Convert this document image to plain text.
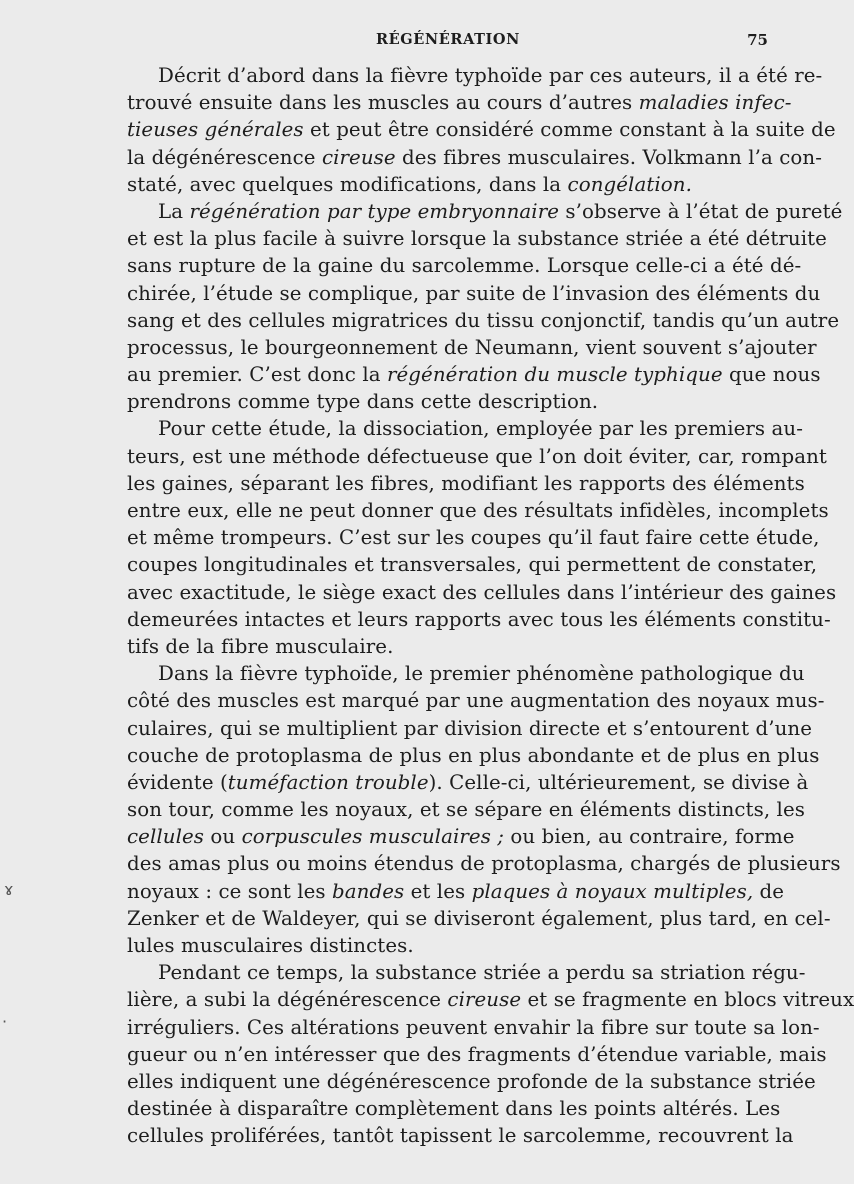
RÉGÉNÉRATION	75
Décrit d’abord dans la fièvre typhoïde par ces auteurs, il a été re-
trouvé ensuite dans les muscles au cours d’autres maladies infec-
tieuses générales et peut être considéré comme constant à la suite de
la dégénérescence cireuse des fibres musculaires. Volkmann l’a con-
staté, avec quelques modifications, dans la congélation.
La régénération par type embryonnaire s’observe à l’état de pureté
et est la plus facile à suivre lorsque la substance striée a été détruite
sans rupture de la gaine du sarcolemme. Lorsque celle-ci a été dé-
chirée, l’étude se complique, par suite de l’invasion des éléments du
sang et des cellules migratrices du tissu conjonctif, tandis qu’un autre
processus, le bourgeonnement de Neumann, vient souvent s’ajouter
au premier. C’est donc la régénération du muscle typhique que nous
prendrons comme type dans cette description.
Pour cette étude, la dissociation, employée par les premiers au-
teurs, est une méthode défectueuse que l’on doit éviter, car, rompant
les gaines, séparant les fibres, modifiant les rapports des éléments
entre eux, elle ne peut donner que des résultats infidèles, incomplets
et même trompeurs. C’est sur les coupes qu’il faut faire cette étude,
coupes longitudinales et transversales, qui permettent de constater,
avec exactitude, le siège exact des cellules dans l’intérieur des gaines
demeurées intactes et leurs rapports avec tous les éléments constitu-
tifs de la fibre musculaire.
Dans la fièvre typhoïde, le premier phénomène pathologique du
côté des muscles est marqué par une augmentation des noyaux mus-
culaires, qui se multiplient par division directe et s’entourent d’une
couche de protoplasma de plus en plus abondante et de plus en plus
évidente (tuméfaction trouble). Celle-ci, ultérieurement, se divise à
son tour, comme les noyaux, et se sépare en éléments distincts, les
cellules ou corpuscules musculaires ; ou bien, au contraire, forme
des amas plus ou moins étendus de protoplasma, chargés de plusieurs
noyaux : ce sont les bandes et les plaques à noyaux multiples, de
Zenker et de Waldeyer, qui se diviseront également, plus tard, en cel-
lules musculaires distinctes.
Pendant ce temps, la substance striée a perdu sa striation régu-
lière, a subi la dégénérescence cireuse et se fragmente en blocs vitreux
irréguliers. Ces altérations peuvent envahir la fibre sur toute sa lon-
gueur ou n’en intéresser que des fragments d’étendue variable, mais
elles indiquent une dégénérescence profonde de la substance striée
destinée à disparaître complètement dans les points altérés. Les
cellules proliférées, tantôt tapissent le sarcolemme, recouvrent la
ɤ
·
